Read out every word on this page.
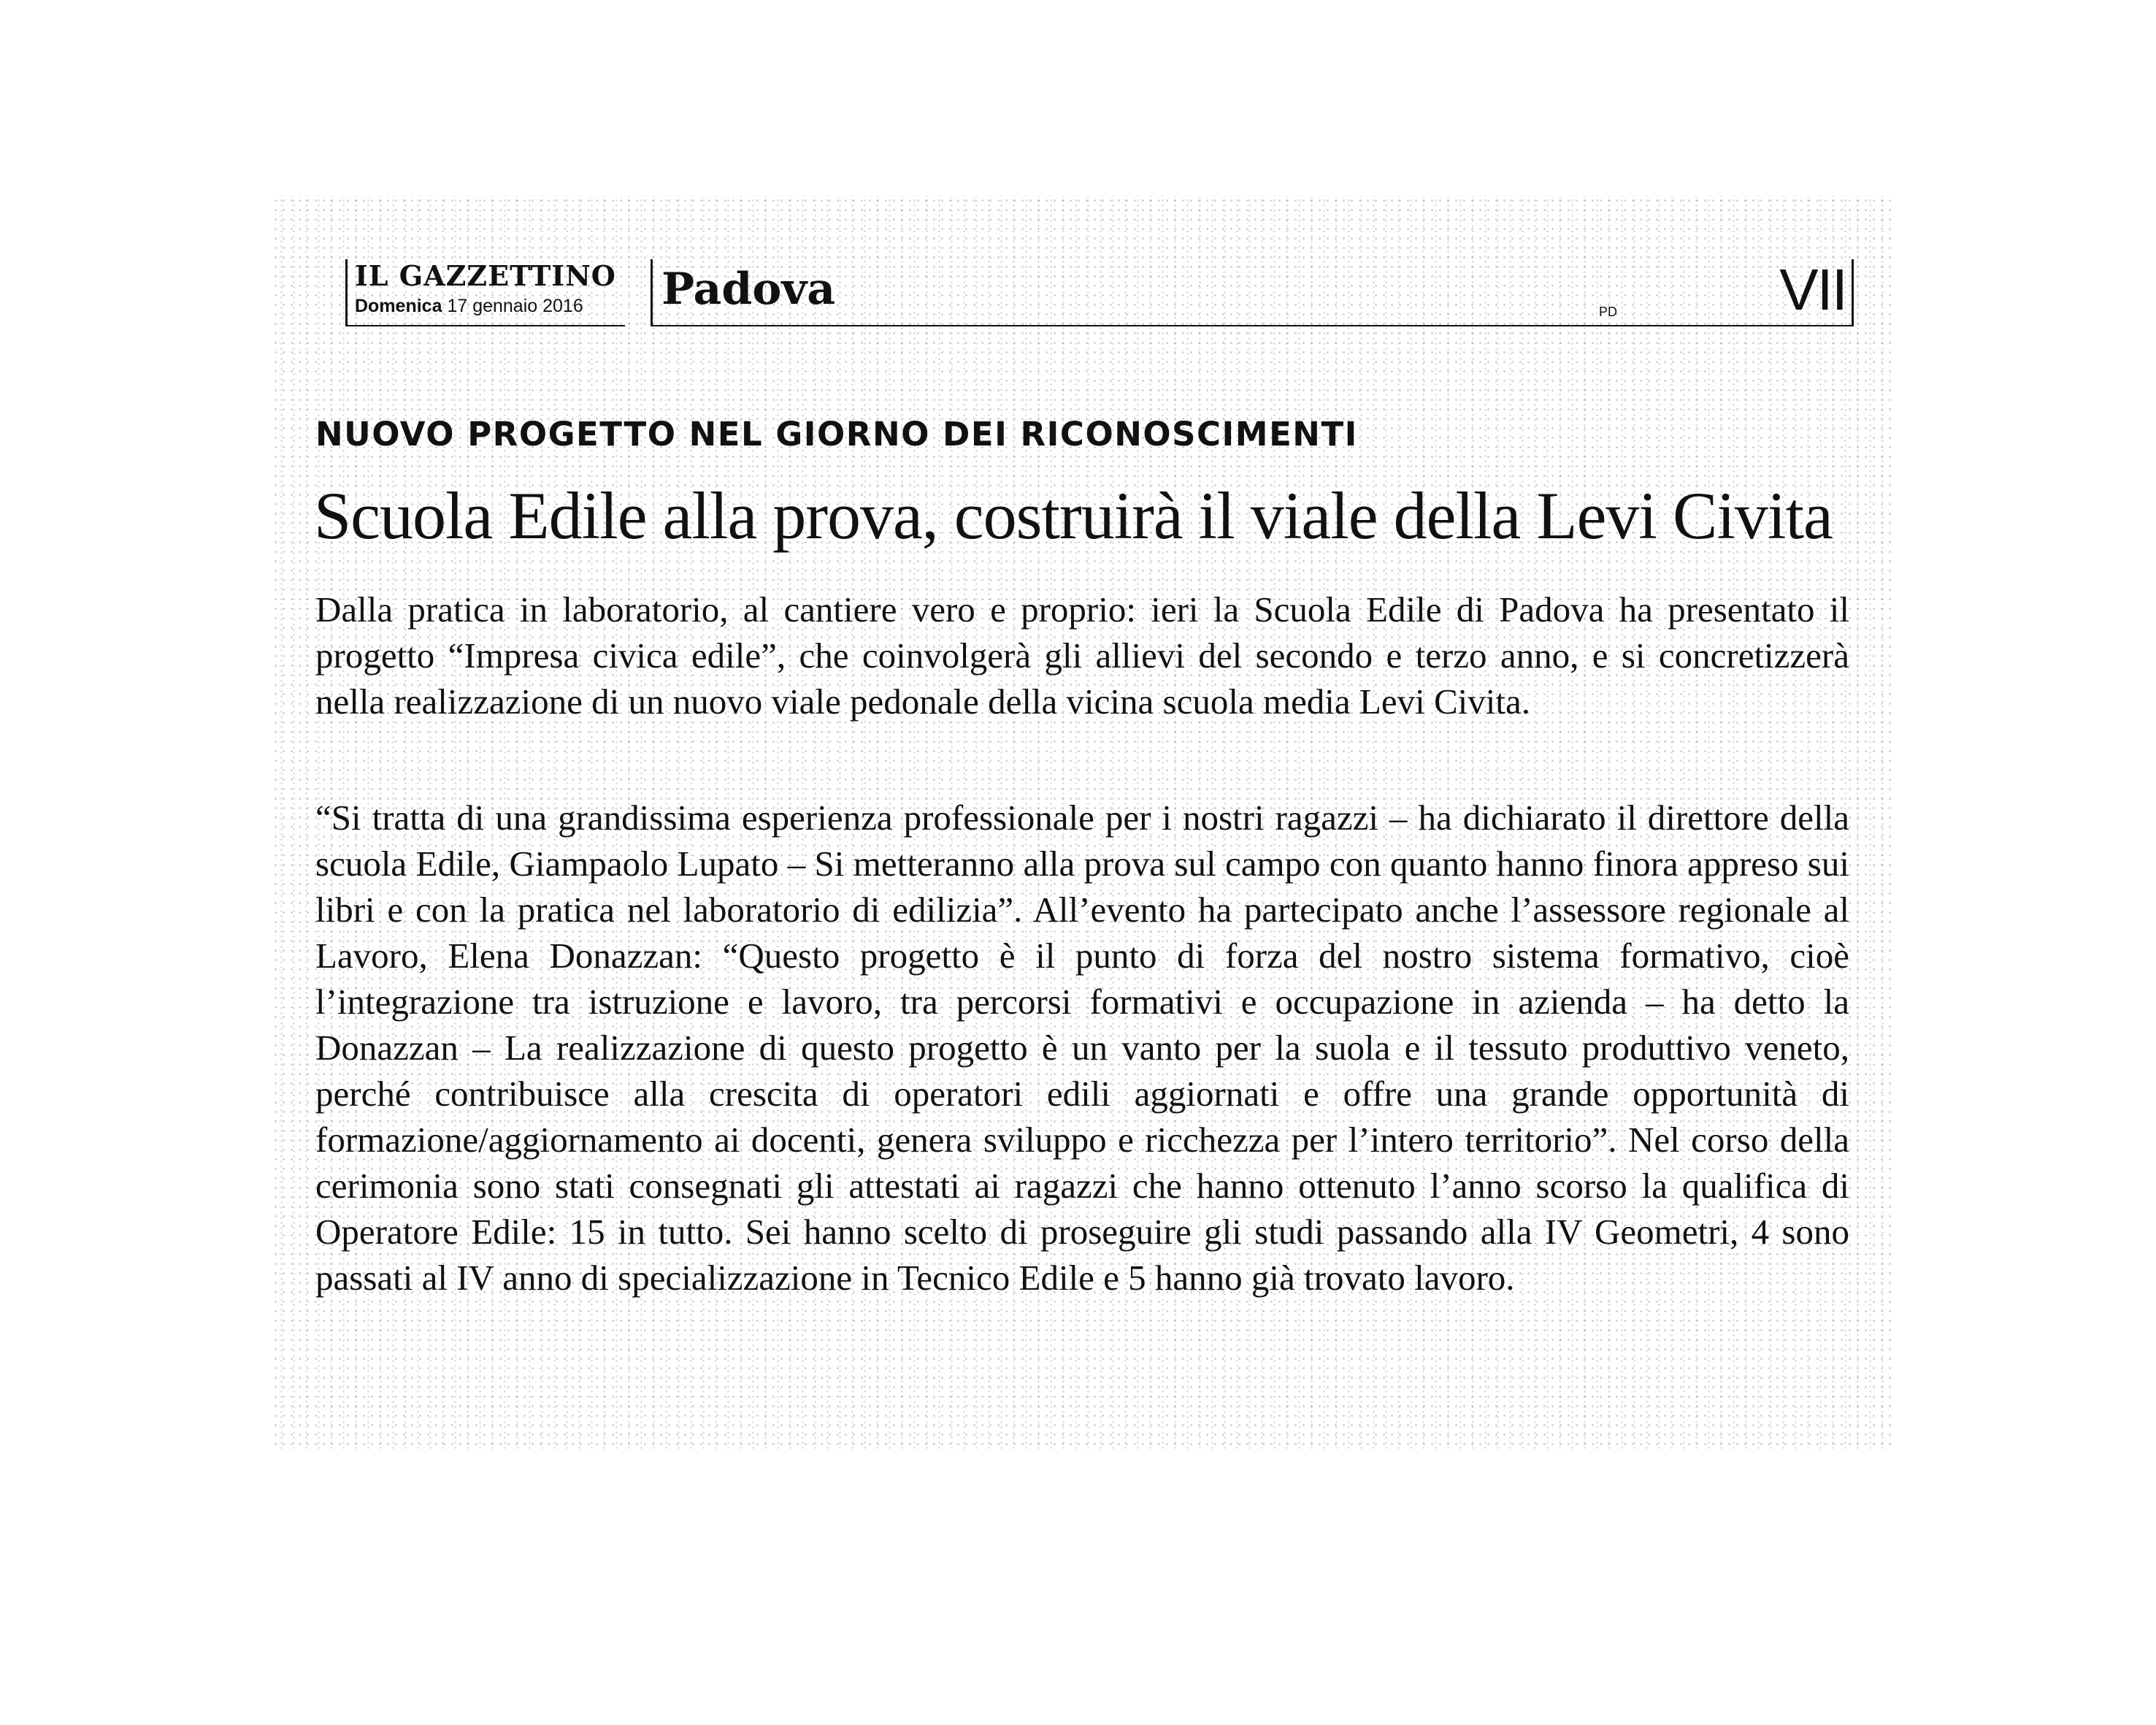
IL GAZZETTINO
Domenica 17 gennaio 2016 Padova	PD	VII
NUOVO PROGETTO NEL GIORNO DEI RICONOSCIMENTI
Scuola Edile alla prova, costruirà il viale della Levi Civita

Dalla pratica in laboratorio, al cantiere vero e proprio: ieri la Scuola Edile di Padova ha presentato il progetto “Impresa civica edile”, che coinvolgerà gli allievi del secondo e terzo anno, e si concretizzerà nella realizzazione di un nuovo viale pedonale della vicina scuola media Levi Civita.

“Si tratta di una grandissima esperienza professionale per i nostri ragazzi – ha dichiarato il direttore della scuola Edile, Giampaolo Lupato – Si metteranno alla prova sul campo con quanto hanno finora appreso sui libri e con la pratica nel laboratorio di edilizia”. All’evento ha partecipato anche l’assessore regionale al Lavoro, Elena Donazzan: “Questo progetto è il punto di forza del nostro sistema formativo, cioè l’integrazione tra istruzione e lavoro, tra percorsi formativi e occupazione in azienda – ha detto la Donazzan – La realizzazione di questo progetto è un vanto per la suola e il tessuto produttivo veneto, perché contribuisce alla crescita di operatori edili aggiornati e offre una grande opportunità di formazione/aggiornamento ai docenti, genera sviluppo e ricchezza per l’intero territorio”. Nel corso della cerimonia sono stati consegnati gli attestati ai ragazzi che hanno ottenuto l’anno scorso la qualifica di Operatore Edile: 15 in tutto. Sei hanno scelto di proseguire gli studi passando alla IV Geometri, 4 sono passati al IV anno di specializzazione in Tecnico Edile e 5 hanno già trovato lavoro.
